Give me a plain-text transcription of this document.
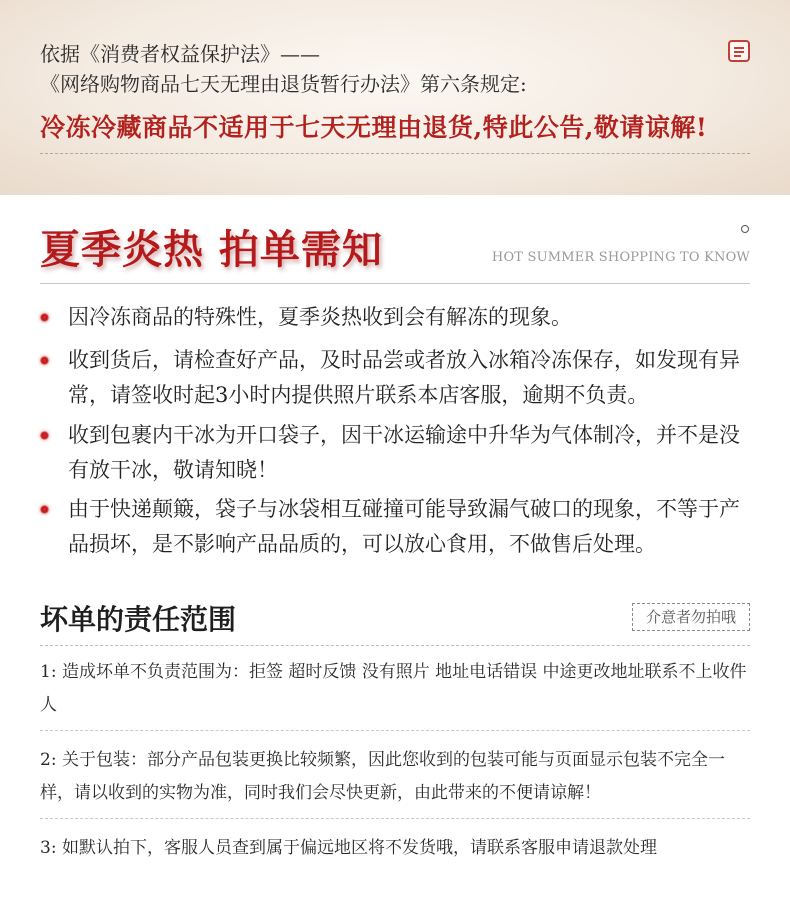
依据《消费者权益保护法》——
《网络购物商品七天无理由退货暂行办法》第六条规定:
冷冻冷藏商品不适用于七天无理由退货,特此公告,敬请谅解!
夏季炎热 拍单需知	HOT SUMMER SHOPPING TO KNOW
因冷冻商品的特殊性，夏季炎热收到会有解冻的现象。
收到货后，请检查好产品，及时品尝或者放入冰箱冷冻保存，如发现有异常，请签收时起3小时内提供照片联系本店客服，逾期不负责。
收到包裹内干冰为开口袋子，因干冰运输途中升华为气体制冷，并不是没有放干冰，敬请知晓！
由于快递颠簸，袋子与冰袋相互碰撞可能导致漏气破口的现象，不等于产品损坏，是不影响产品品质的，可以放心食用，不做售后处理。
坏单的责任范围	介意者勿拍哦
1: 造成坏单不负责范围为：拒签 超时反馈 没有照片 地址电话错误 中途更改地址联系不上收件人
2: 关于包装：部分产品包装更换比较频繁，因此您收到的包装可能与页面显示包装不完全一样，请以收到的实物为准，同时我们会尽快更新，由此带来的不便请谅解！
3: 如默认拍下，客服人员查到属于偏远地区将不发货哦，请联系客服申请退款处理
